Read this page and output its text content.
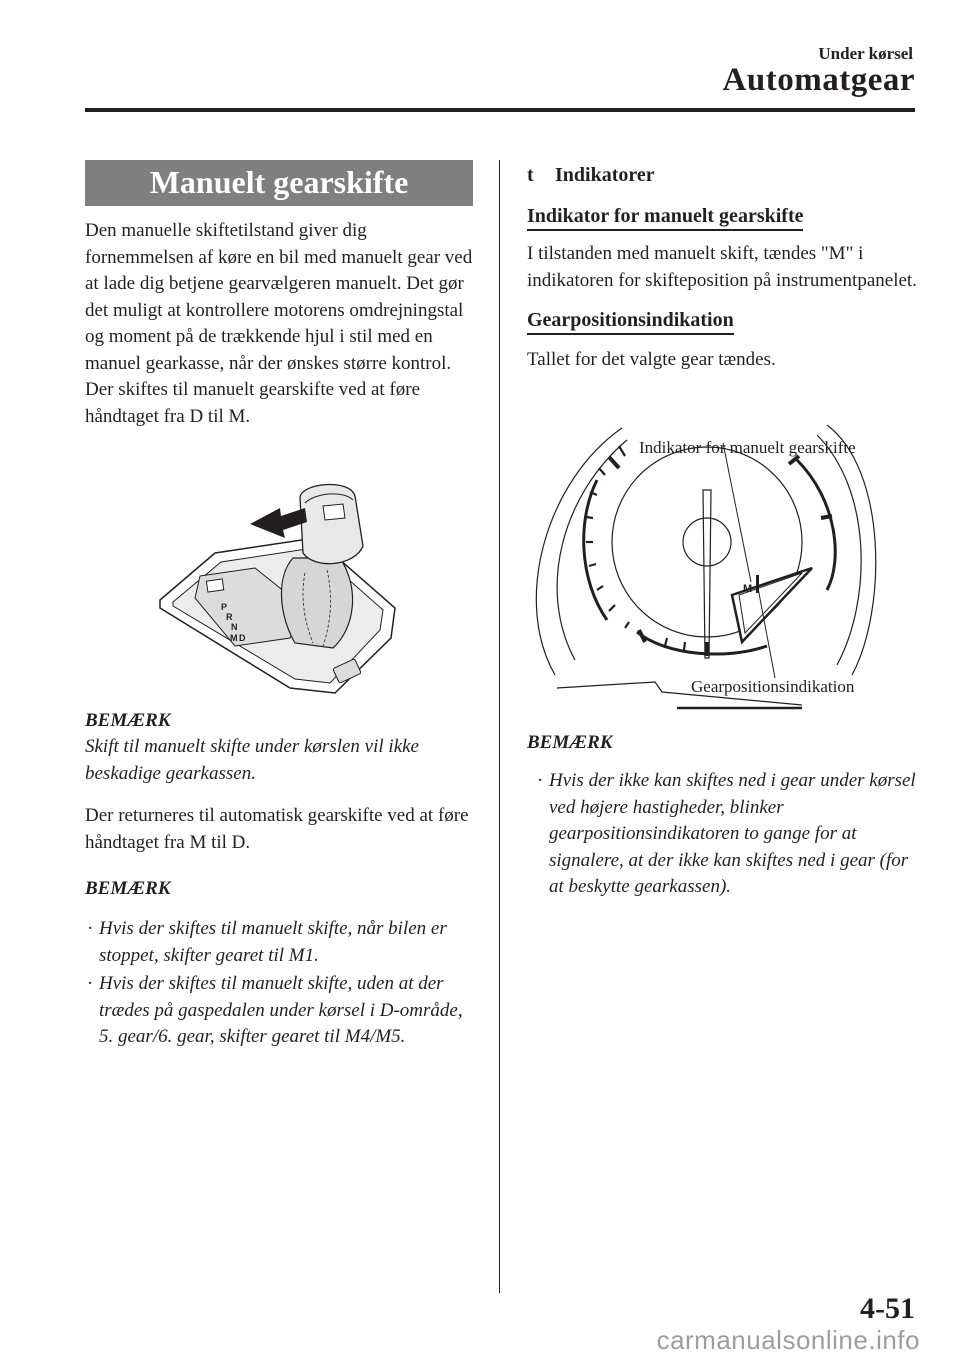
Under kørsel
Automatgear
Manuelt gearskifte

Den manuelle skiftetilstand giver dig fornemmelsen af køre en bil med manuelt gear ved at lade dig betjene gearvælgeren manuelt. Det gør det muligt at kontrollere motorens omdrejningstal og moment på de trækkende hjul i stil med en manuel gearkasse, når der ønskes større kontrol. Der skiftes til manuelt gearskifte ved at føre håndtaget fra D til M.

P
R
N
D
M

BEMÆRK

Skift til manuelt skifte under kørslen vil ikke beskadige gearkassen.

Der returneres til automatisk gearskifte ved at føre håndtaget fra M til D.

BEMÆRK

· Hvis der skiftes til manuelt skifte, når bilen er stoppet, skifter gearet til M1.

· Hvis der skiftes til manuelt skifte, uden at der trædes på gaspedalen under kørsel i D-område, 5. gear/6. gear, skifter gearet til M4/M5.

t Indikatorer
Indikator for manuelt gearskifte

I tilstanden med manuelt skift, tændes "M" i indikatoren for skifteposition på instrumentpanelet.

Gearpositionsindikation

Tallet for det valgte gear tændes.

M
Indikator for manuelt gearskifte
Gearpositionsindikation

BEMÆRK

· Hvis der ikke kan skiftes ned i gear under kørsel ved højere hastigheder, blinker gearpositionsindikatoren to gange for at signalere, at der ikke kan skiftes ned i gear (for at beskytte gearkassen).

4-51
carmanualsonline.info
